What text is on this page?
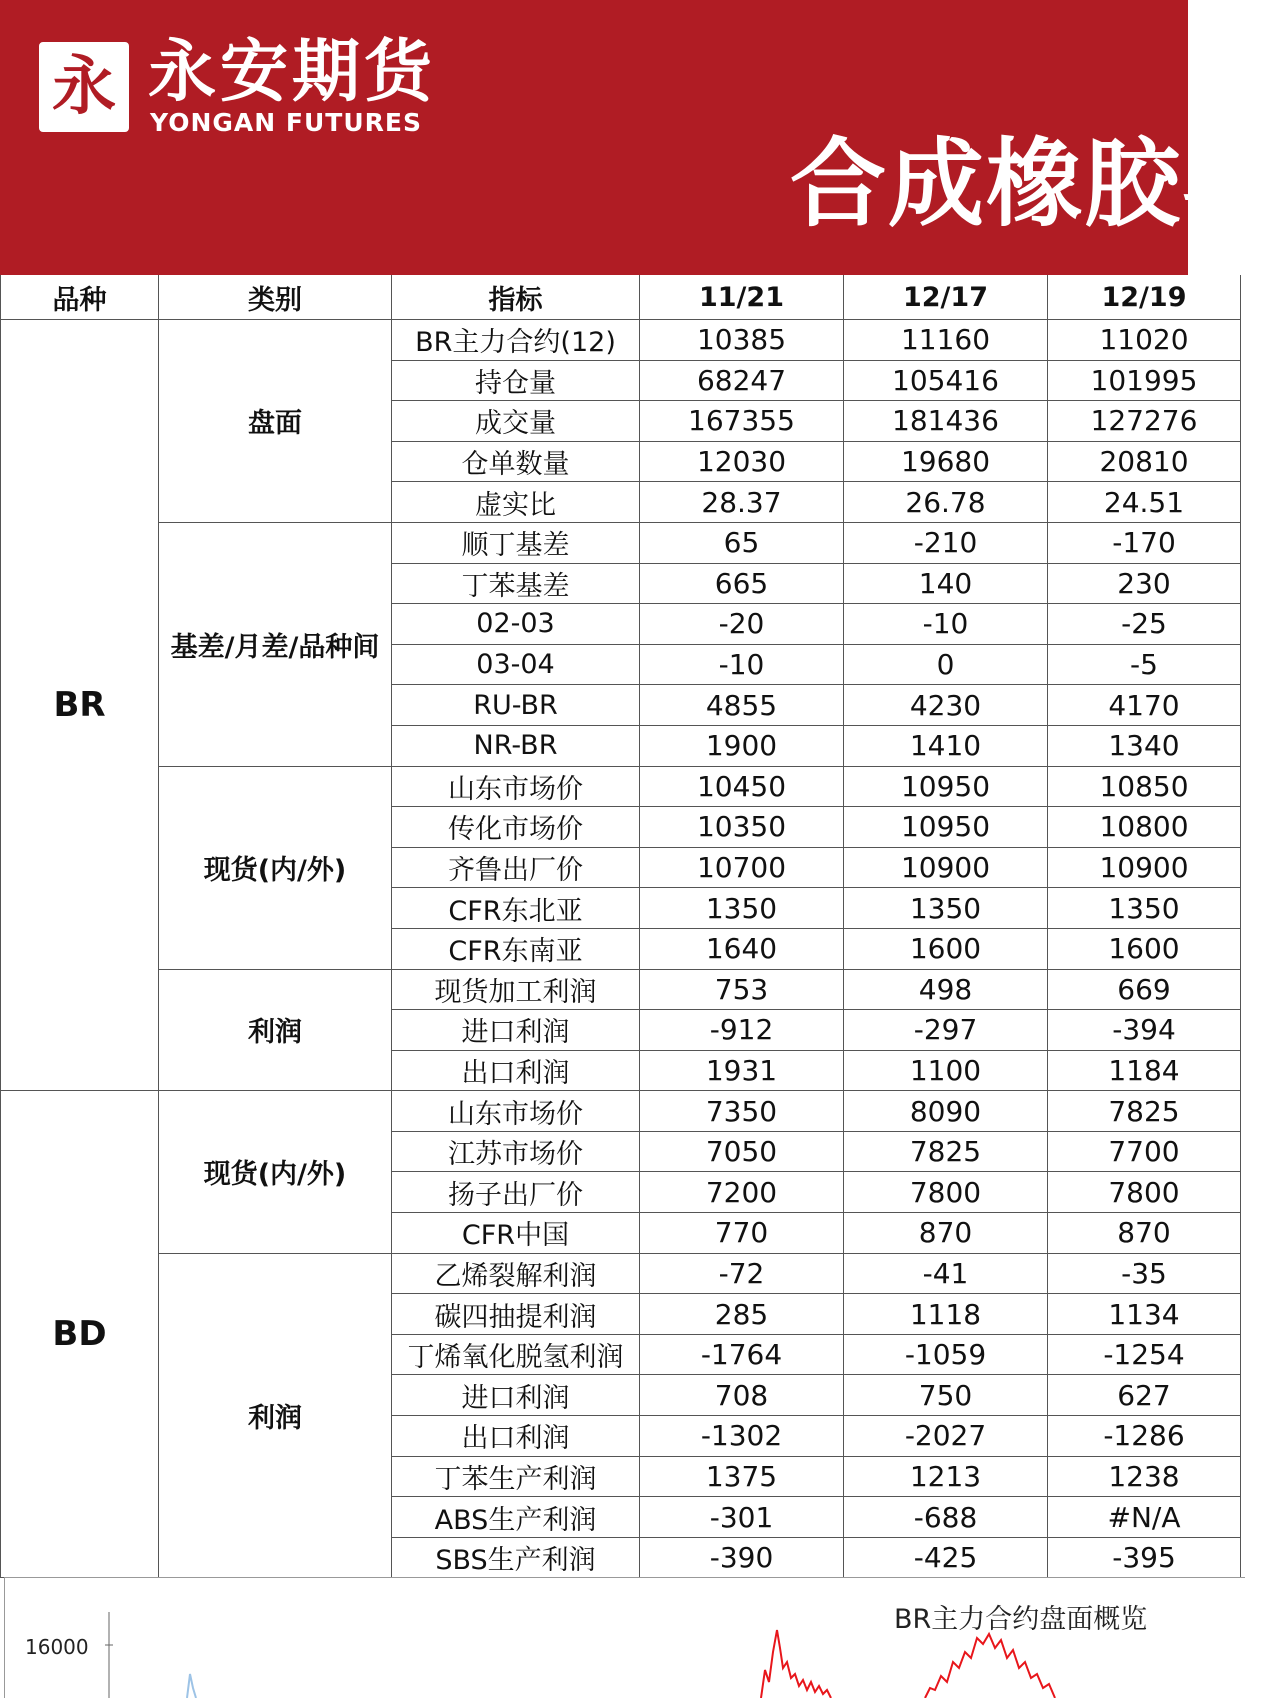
永 永安期货
YONGAN FUTURES
合成橡胶早
品种	类别	指标	11/21	12/17	12/19
BR	盘面	BR主力合约(12)	10385	11160	11020
		持仓量	68247	105416	101995
		成交量	167355	181436	127276
		仓单数量	12030	19680	20810
		虚实比	28.37	26.78	24.51
	基差/月差/品种间	顺丁基差	65	-210	-170
		丁苯基差	665	140	230
		02-03	-20	-10	-25
		03-04	-10	0	-5
		RU-BR	4855	4230	4170
		NR-BR	1900	1410	1340
	现货(内/外)	山东市场价	10450	10950	10850
		传化市场价	10350	10950	10800
		齐鲁出厂价	10700	10900	10900
		CFR东北亚	1350	1350	1350
		CFR东南亚	1640	1600	1600
	利润	现货加工利润	753	498	669
		进口利润	-912	-297	-394
		出口利润	1931	1100	1184
BD	现货(内/外)	山东市场价	7350	8090	7825
		江苏市场价	7050	7825	7700
		扬子出厂价	7200	7800	7800
		CFR中国	770	870	870
	利润	乙烯裂解利润	-72	-41	-35
		碳四抽提利润	285	1118	1134
		丁烯氧化脱氢利润	-1764	-1059	-1254
		进口利润	708	750	627
		出口利润	-1302	-2027	-1286
		丁苯生产利润	1375	1213	1238
		ABS生产利润	-301	-688	#N/A
		SBS生产利润	-390	-425	-395
16000
BR主力合约盘面概览
